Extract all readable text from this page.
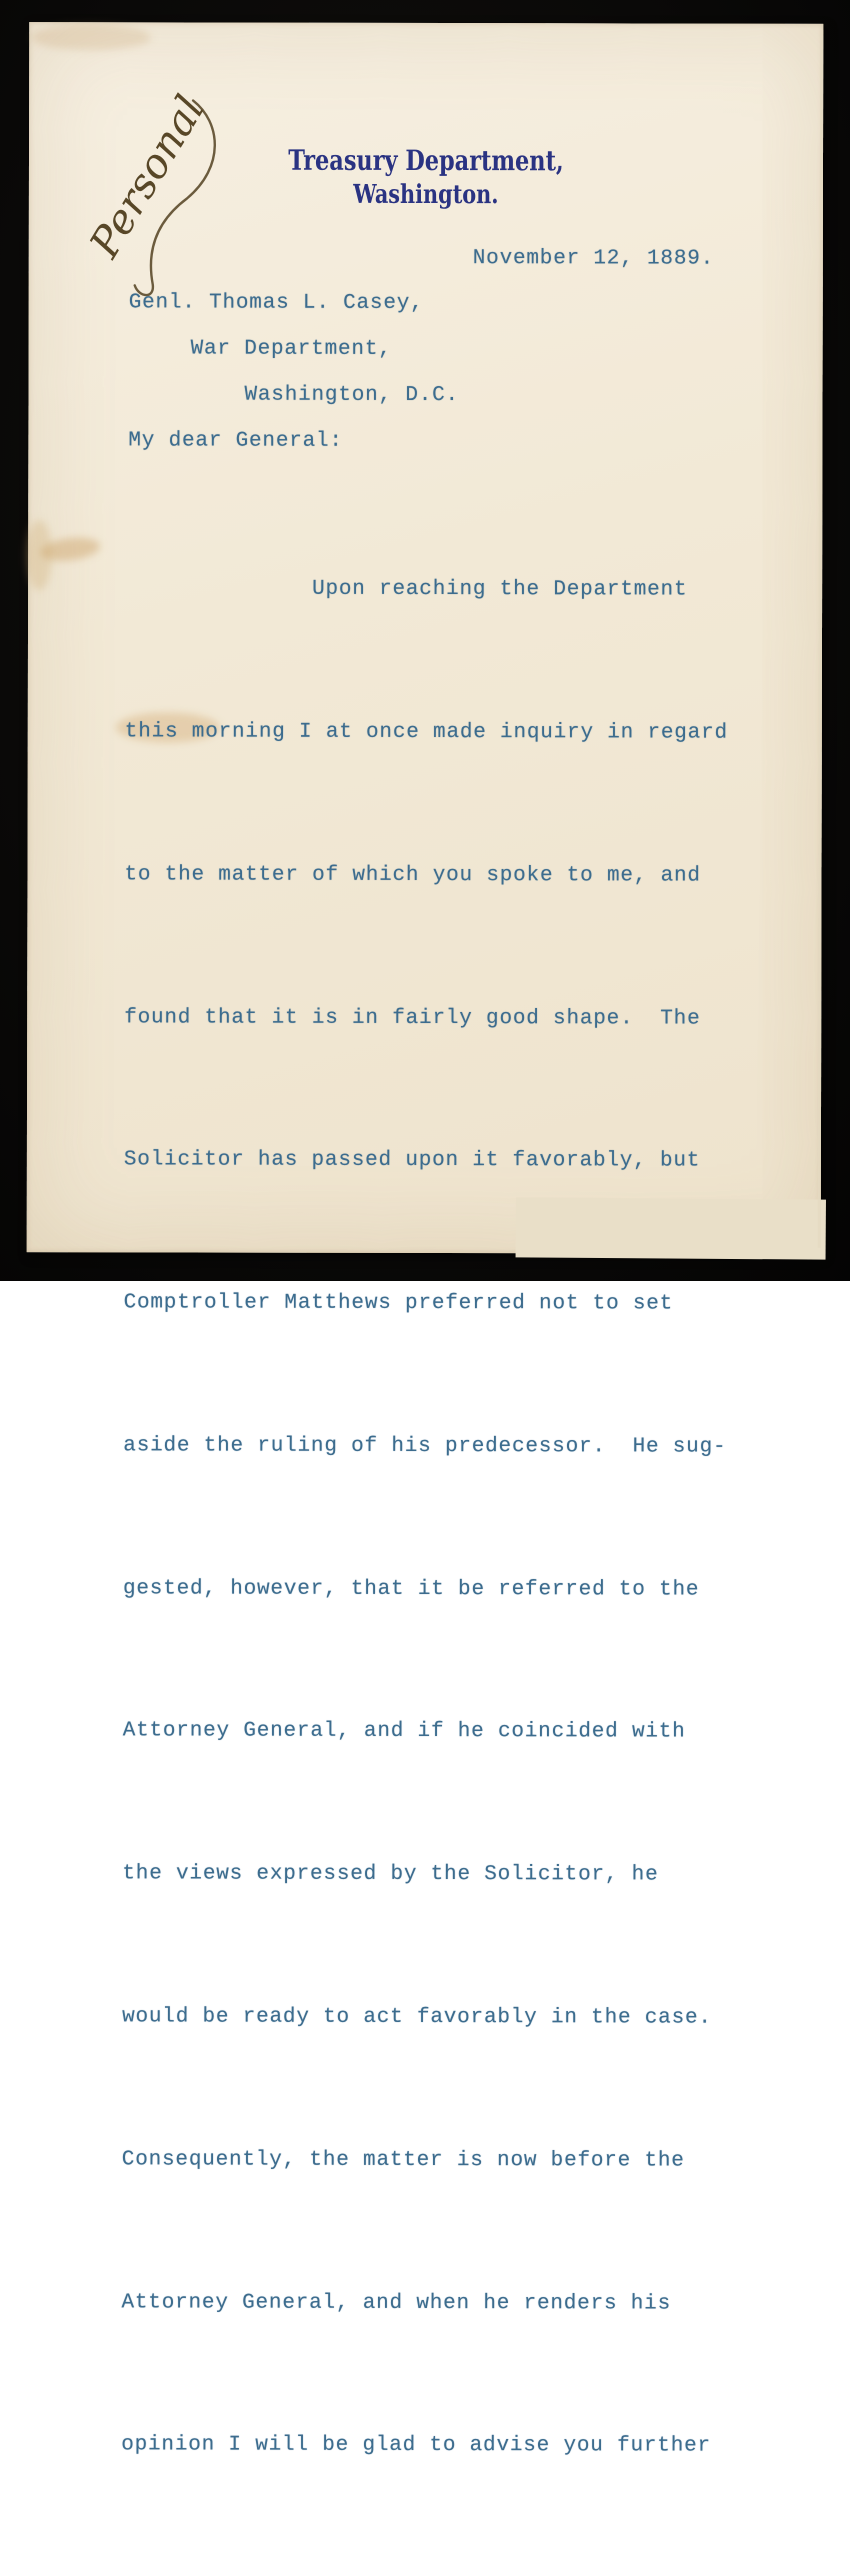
Personal	Treasury Department,
Washington.
November 12, 1889.
Genl. Thomas L. Casey,
War Department,
Washington, D.C.
My dear General:

Upon reaching the Department

this morning I at once made inquiry in regard

to the matter of which you spoke to me, and

found that it is in fairly good shape.  The

Solicitor has passed upon it favorably, but

Comptroller Matthews preferred not to set

aside the ruling of his predecessor.  He sug-

gested, however, that it be referred to the

Attorney General, and if he coincided with

the views expressed by the Solicitor, he

would be ready to act favorably in the case.

Consequently, the matter is now before the

Attorney General, and when he renders his

opinion I will be glad to advise you further
